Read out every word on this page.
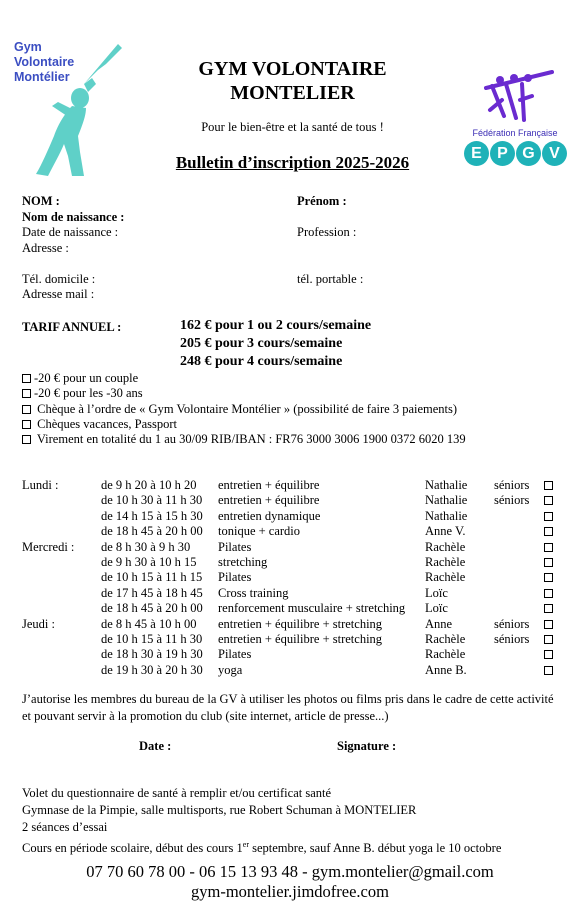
Gym
Volontaire
Montélier	GYM VOLONTAIRE
MONTELIER
Pour le bien-être et la santé de tous !
Bulletin d’inscription 2025-2026
Fédération Française
E P G V
NOM :	Prénom :
Nom de naissance :
Date de naissance :	Profession :
Adresse :
Tél. domicile :	tél. portable :
Adresse mail :
TARIF ANNUEL :	162 € pour 1 ou 2 cours/semaine
205 € pour 3 cours/semaine
248 € pour 4 cours/semaine
-20 € pour un couple
-20 € pour les -30 ans
Chèque à l’ordre de « Gym Volontaire Montélier » (possibilité de faire 3 paiements)
Chèques vacances, Passport
Virement en totalité du 1 au 30/09 RIB/IBAN : FR76 3000 3006 1900 0372 6020 139
Lundi :	de 9 h 20 à 10 h 20 entretien + équilibre	Nathalie séniors
de 10 h 30 à 11 h 30 entretien + équilibre	Nathalie séniors
de 14 h 15 à 15 h 30 entretien dynamique	Nathalie
de 18 h 45 à 20 h 00 tonique + cardio	Anne V.
Mercredi : de 8 h 30 à 9 h 30 Pilates	Rachèle
de 9 h 30 à 10 h 15 stretching	Rachèle
de 10 h 15 à 11 h 15 Pilates	Rachèle
de 17 h 45 à 18 h 45 Cross training	Loïc
de 18 h 45 à 20 h 00 renforcement musculaire + stretching Loïc
Jeudi :	de 8 h 45 à 10 h 00 entretien + équilibre + stretching	Anne	séniors
de 10 h 15 à 11 h 30 entretien + équilibre + stretching	Rachèle séniors
de 18 h 30 à 19 h 30 Pilates	Rachèle
de 19 h 30 à 20 h 30 yoga	Anne B.
J’autorise les membres du bureau de la GV à utiliser les photos ou films pris dans le cadre de cette activité et pouvant servir à la promotion du club (site internet, article de presse...)
Date :	Signature :
Volet du questionnaire de santé à remplir et/ou certificat santé
Gymnase de la Pimpie, salle multisports, rue Robert Schuman à MONTELIER
2 séances d’essai
Cours en période scolaire, début des cours 1er septembre, sauf Anne B. début yoga le 10 octobre
07 70 60 78 00 - 06 15 13 93 48 - gym.montelier@gmail.com
gym-montelier.jimdofree.com
